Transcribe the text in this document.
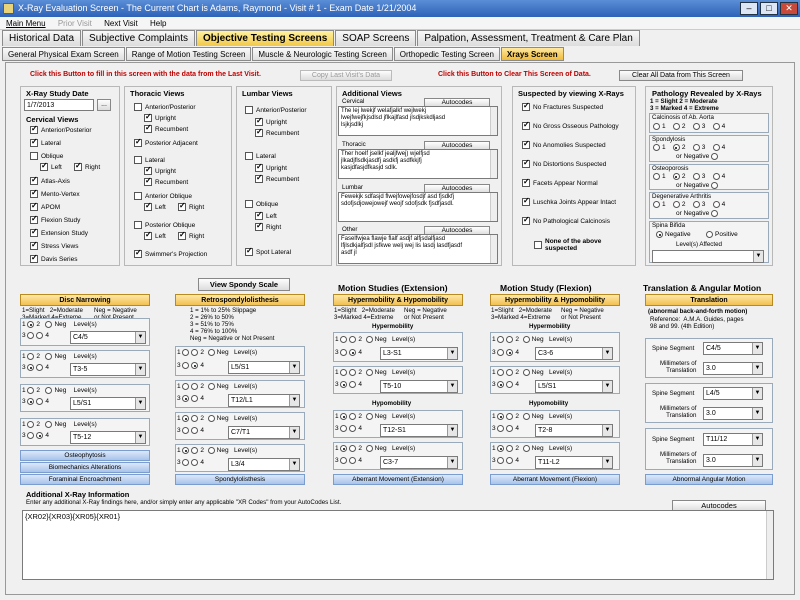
X-Ray Evaluation Screen - The Current Chart is Adams, Raymond - Visit # 1 - Exam Date 1/21/2004	–	□	✕
Main Menu Prior Visit Next Visit Help
Historical Data	Subjective Complaints	Objective Testing Screens	SOAP Screens	Palpation, Assessment, Treatment & Care Plan
General Physical Exam Screen	Range of Motion Testing Screen	Muscle & Neurologic Testing Screen	Orthopedic Testing Screen	Xrays Screen
Click this Button to fill in this screen with the data from the Last Visit.	Copy Last Visit's Data	Click this Button to Clear This Screen of Data.	Clear All Data from This Screen
X-Ray Study Date
1/7/2013	...
Cervical Views
✓
Anterior/Posterior
✓
Lateral
Oblique
✓
Left ✓	Right
✓
Atlas-Axis
✓
Mento-Vertex
✓
APOM
✓
Flexion Study
✓
Extension Study
✓
Stress Views
✓
Davis Series
Thoracic Views
Anterior/Posterior
✓
Upright
✓
Recumbent
✓
Posterior Adjacent
Lateral
✓
Upright
✓
Recumbent
Anterior Oblique
✓
Left ✓	Right
Posterior Oblique
✓
Left ✓	Right
✓
Swimmer's Projection
Lumbar Views
Anterior/Posterior
✓
Upright
✓
Recumbent
Lateral
✓
Upright
✓
Recumbent
Oblique
✓
Left
✓
Right
✓
Spot Lateral
Additional Views
Cervical	Autocodes
The lej lwekjf welafjalkf wejlwekj
lwejfwejfkjsdlsd jflkajlfasd jlsdjkskdljasd
lsjkjsdlkj
Thoracic	Autocodes
Ther hoelf jselkf jealjfwej) wjelfjsd
jlkadjflsdkjasdfj asdkfj asdfkkjfj
kasjdfasjdfkasjd sdlk.
Lumbar	Autocodes
Fewekjk sdfasjd flwejfowejfosdjf asd fjsdkfj
sdofjsdjowejowejf weojf sdofjsdk fjsdfjasdl.
Other	Autocodes
Faselfwjea flawje flalf asdjf alfjsdalfjasd
lfjlsdkjalfjsdl jsfkwe welj wej lis lasdj lasdfjasdf
asdf jl
Suspected by viewing X-Rays
✓
No Fractures Suspected
✓
No Gross Osseous Pathology
✓
No Anomolies Suspected
✓
No Distortions Suspected
✓
Facets Appear Normal
✓
Luschka Joints Appear Intact
✓
No Pathological Calcinosis
None of the above suspected
Pathology Revealed by X-Rays
1 = Slight 2 = Moderate
3 = Marked 4 = Extreme
Calcinosis of Ab. Aorta
1
2
3
4
Spondylosis
1
2
3
4
or Negative

Osteoporosis
1
2
3
4
or Negative

Degenerative Arthritis
1
2
3
4
or Negative

Spina Bifida
Negative	Positive
Level(s) Affected
▼
Disc Narrowing
1=Slight   2=Moderate
Neg = Negative

1
2 Neg
Level(s)
3	4	C4/5	▼
1
2 Neg
Level(s)
3	4	T3-5	▼
1
2 Neg
Level(s)
3	4	L5/S1	▼
1
2 Neg
Level(s)
3	4	T5-12	▼
Osteophytosis
Biomechanics Alterations
Foraminal Encroachment
View Spondy Scale
Retrospondylolisthesis
1 = 1% to 25% Slippage
2 = 26% to 50%
3 = 51% to 75%
4 = 76% to 100%
Neg = Negative or Not Present
1	2 Neg
Level(s)
3	4	L5/S1	▼
1	2 Neg
Level(s)
3	4	T12/L1	▼
1	2 Neg
Level(s)
3	4	C7/T1	▼
1	2 Neg
Level(s)
3	4	L3/4	▼
Spondylolisthesis
Motion Studies (Extension)
Hypermobility & Hypomobility
1=Slight   2=Moderate
3=Marked 4=Extreme
Neg = Negative
or Not Present
Hypermobility
1	2 Neg
Level(s)
3	4	L3-S1	▼
1	2 Neg
Level(s)
3	4	T5-10	▼
Hypomobility
1	2 Neg
Level(s)
3	4	T12-S1	▼
1	2 Neg
Level(s)
3	4	C3-7	▼
Aberrant Movement (Extension)
Motion Study (Flexion)
Hypermobility & Hypomobility
1=Slight   2=Moderate
3=Marked 4=Extreme
Neg = Negative
or Not Present
Hypermobility
1	2 Neg
Level(s)
3	4	C3-6	▼
1	2 Neg
Level(s)
3	4	L5/S1	▼
Hypomobility
1	2 Neg
Level(s)
3	4	T2-8	▼
1	2 Neg
Level(s)
3	4	T11-L2	▼
Aberrant Movement (Flexion)
Translation & Angular Motion
Translation
(abnormal back-and-forth motion)
Reference:  A.M.A. Guides, pages
98 and 99. (4th Edition)
Spine Segment	C4/5	▼
Millimeters of
Translation	3.0	▼
Spine Segment	L4/5	▼
Millimeters of
Translation	3.0	▼
Spine Segment	T11/12	▼
Millimeters of
Translation	3.0	▼
Abnormal Angular Motion
Additional X-Ray Information
Enter any additional X-Ray findings here, and/or simply enter any applicable "XR Codes" from your AutoCodes List.	Autocodes
{XR02}{XR03}{XR05}{XR01}
